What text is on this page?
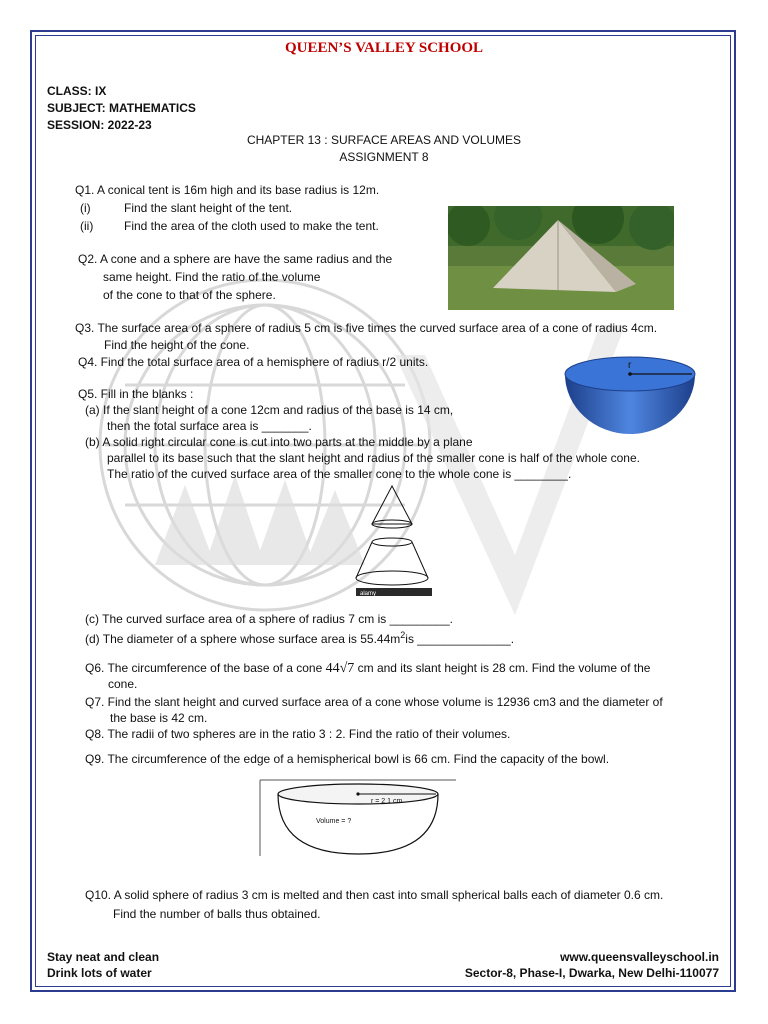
QUEEN’S VALLEY SCHOOL
CLASS: IX
SUBJECT: MATHEMATICS
SESSION: 2022-23
CHAPTER 13 : SURFACE AREAS AND VOLUMES
ASSIGNMENT 8
Q1. A conical tent is 16m high and its base radius is 12m.
(i)	Find the slant height of the tent.
(ii)	Find the area of the cloth used to make the tent.
Q2. A cone and a sphere are have the same radius and the
same height. Find the ratio of the volume
of the cone to that of the sphere.
Q3. The surface area of a sphere of radius 5 cm is five times the curved surface area of a cone of radius 4cm.
Find the height of the cone.
Q4. Find the total surface area of a hemisphere of radius r/2 units.	r
Q5. Fill in the blanks :
(a) If the slant height of a cone 12cm and radius of the base is 14 cm,
then the total surface area is _______.
(b) A solid right circular cone is cut into two parts at the middle by a plane
parallel to its base such that the slant height and radius of the smaller cone is half of the whole cone.
The ratio of the curved surface area of the smaller cone to the whole cone is ________.
alamy
(c) The curved surface area of a sphere of radius 7 cm is _________.
(d) The diameter of a sphere whose surface area is $55.44m^2is$ ______________.
Q6. The circumference of the base of a cone 44√7 cm and its slant height is 28 cm. Find the volume of the
cone.
Q7. Find the slant height and curved surface area of a cone whose volume is 12936 cm3 and the diameter of
the base is 42 cm.
Q8. The radii of two spheres are in the ratio 3 : 2. Find the ratio of their volumes.
Q9. The circumference of the edge of a hemispherical bowl is 66 cm. Find the capacity of the bowl.
r = 2 1 cm
Volume = ?
Q10. A solid sphere of radius 3 cm is melted and then cast into small spherical balls each of diameter 0.6 cm.
Find the number of balls thus obtained.
Stay neat and clean
Drink lots of water
www.queensvalleyschool.in
Sector-8, Phase-I, Dwarka, New Delhi-110077
